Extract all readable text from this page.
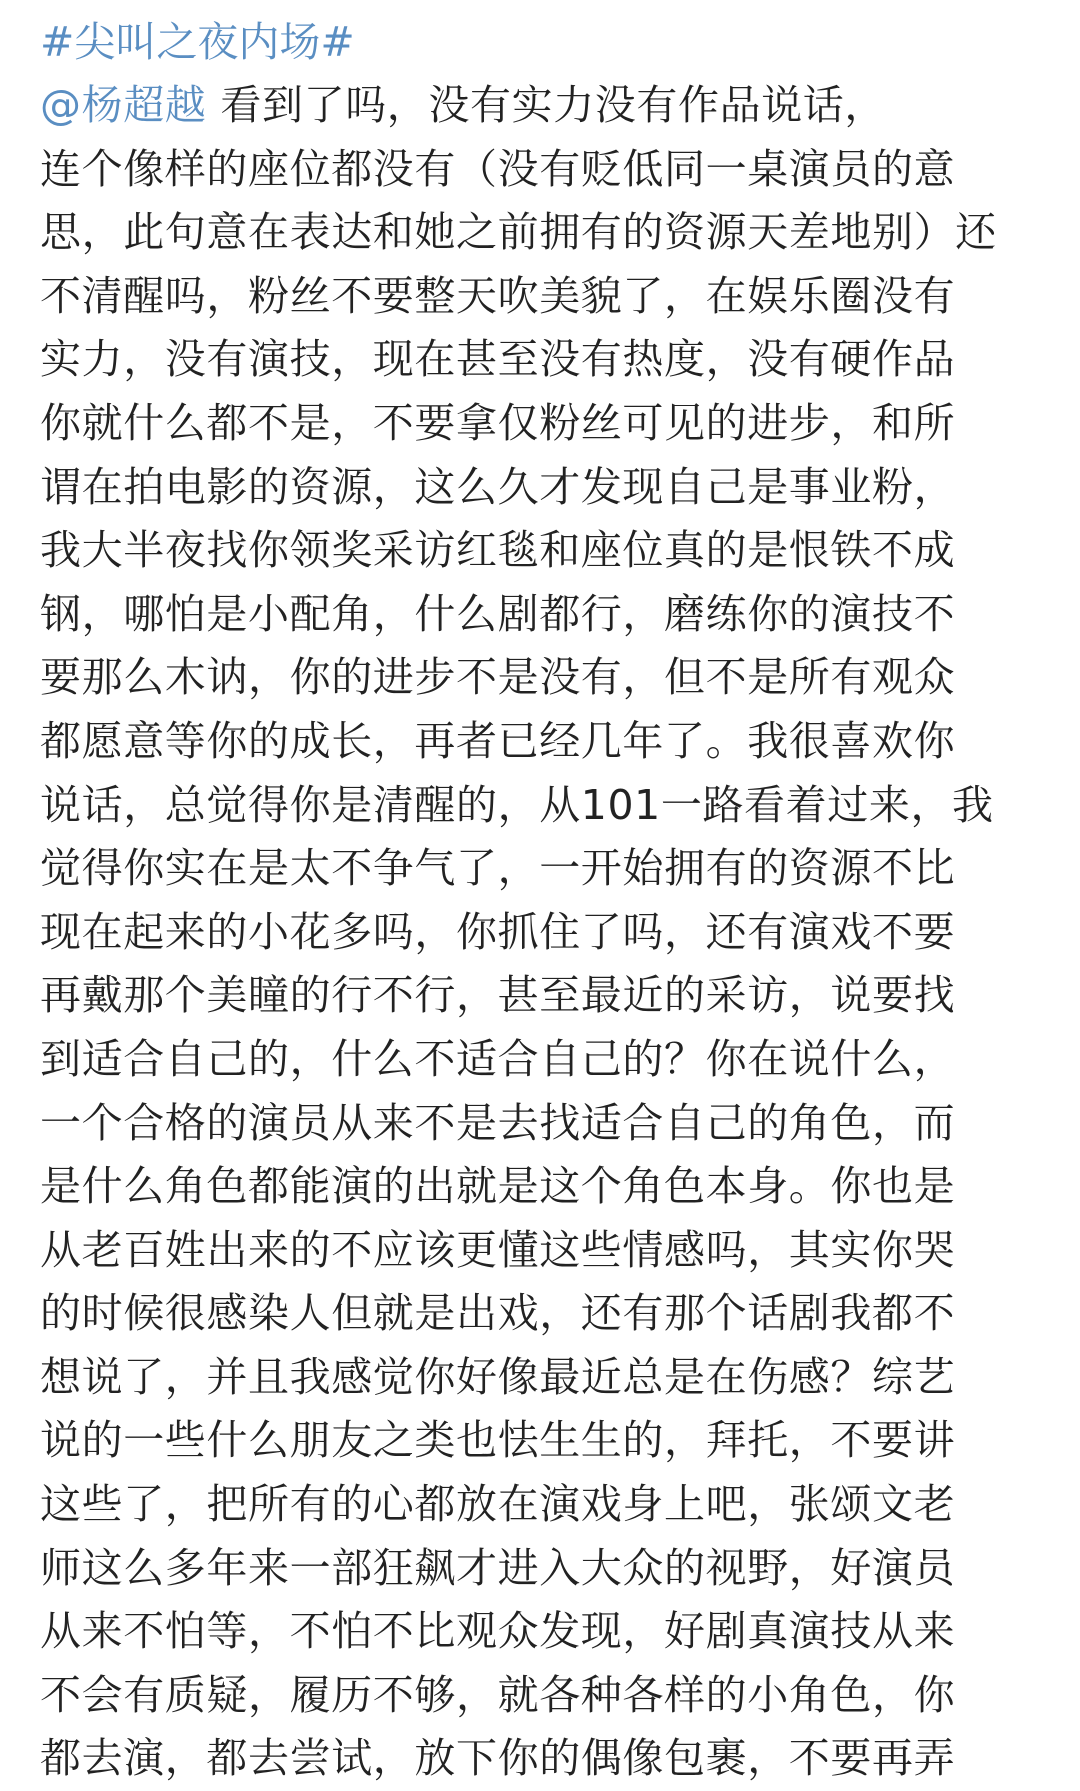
#尖叫之夜内场#
@杨超越 看到了吗，没有实力没有作品说话，
连个像样的座位都没有（没有贬低同一桌演员的意
思，此句意在表达和她之前拥有的资源天差地别）还
不清醒吗，粉丝不要整天吹美貌了，在娱乐圈没有
实力，没有演技，现在甚至没有热度，没有硬作品
你就什么都不是，不要拿仅粉丝可见的进步，和所
谓在拍电影的资源，这么久才发现自己是事业粉，
我大半夜找你领奖采访红毯和座位真的是恨铁不成
钢，哪怕是小配角，什么剧都行，磨练你的演技不
要那么木讷，你的进步不是没有，但不是所有观众
都愿意等你的成长，再者已经几年了。我很喜欢你
说话，总觉得你是清醒的，从101一路看着过来，我
觉得你实在是太不争气了，一开始拥有的资源不比
现在起来的小花多吗，你抓住了吗，还有演戏不要
再戴那个美瞳的行不行，甚至最近的采访，说要找
到适合自己的，什么不适合自己的？你在说什么，
一个合格的演员从来不是去找适合自己的角色，而
是什么角色都能演的出就是这个角色本身。你也是
从老百姓出来的不应该更懂这些情感吗，其实你哭
的时候很感染人但就是出戏，还有那个话剧我都不
想说了，并且我感觉你好像最近总是在伤感？综艺
说的一些什么朋友之类也怯生生的，拜托，不要讲
这些了，把所有的心都放在演戏身上吧，张颂文老
师这么多年来一部狂飙才进入大众的视野，好演员
从来不怕等，不怕不比观众发现，好剧真演技从来
不会有质疑，履历不够，就各种各样的小角色，你
都去演，都去尝试，放下你的偶像包裹，不要再弄
